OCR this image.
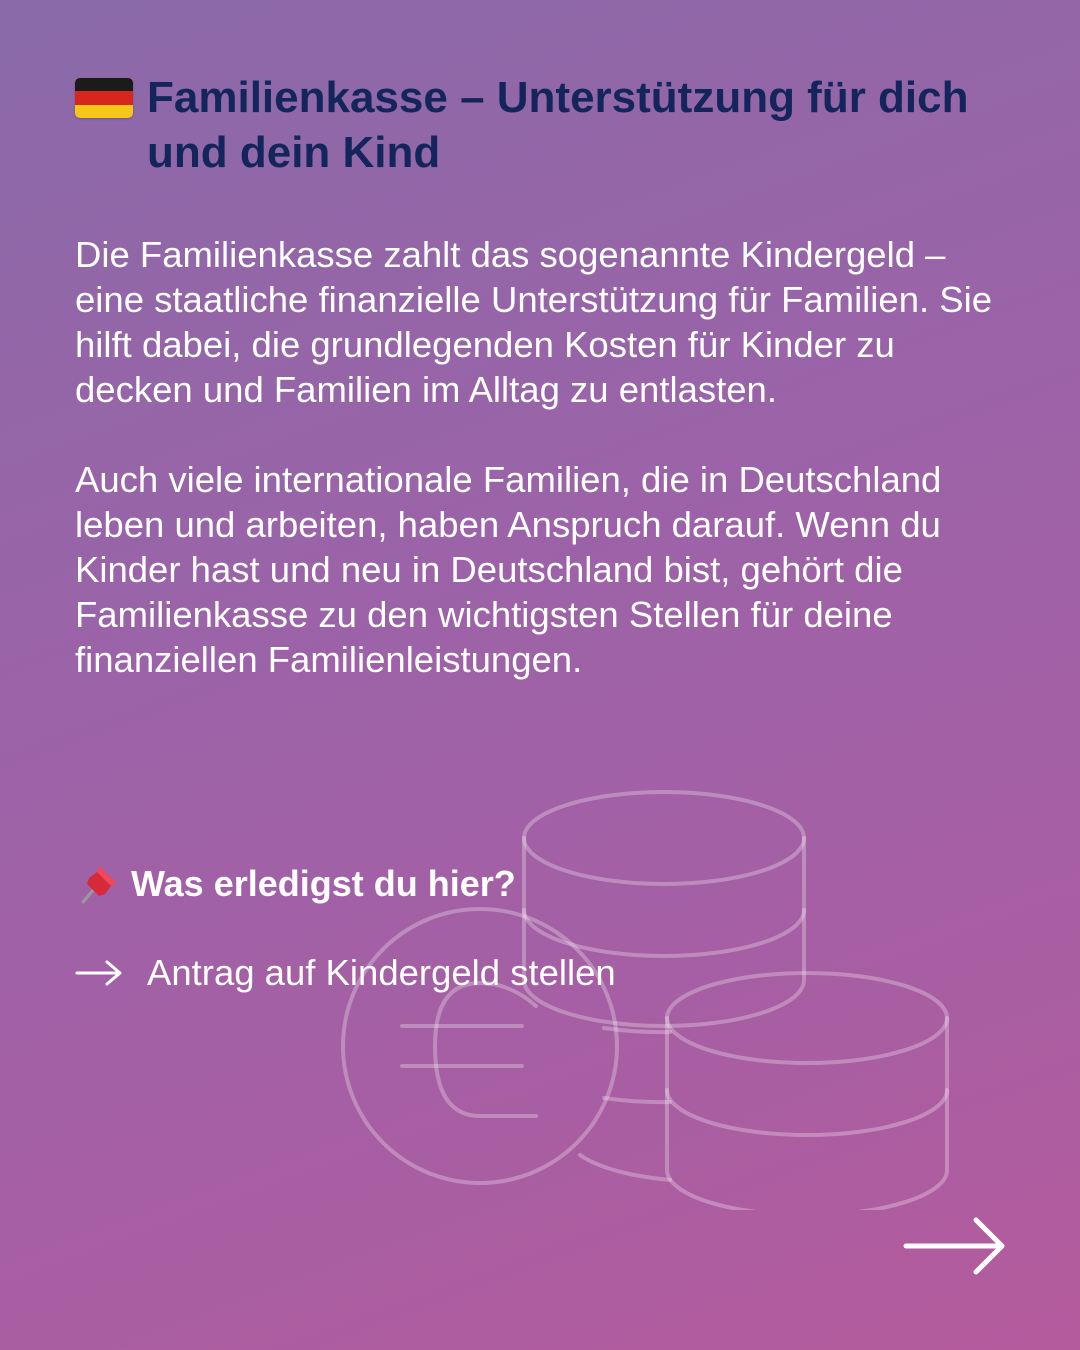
Familienkasse – Unterstützung für dich und dein Kind

Die Familienkasse zahlt das sogenannte Kindergeld – eine staatliche finanzielle Unterstützung für Familien. Sie hilft dabei, die grundlegenden Kosten für Kinder zu decken und Familien im Alltag zu entlasten.

Auch viele internationale Familien, die in Deutschland leben und arbeiten, haben Anspruch darauf. Wenn du Kinder hast und neu in Deutschland bist, gehört die Familienkasse zu den wichtigsten Stellen für deine finanziellen Familienleistungen.

Was erledigst du hier?
Antrag auf Kindergeld stellen
